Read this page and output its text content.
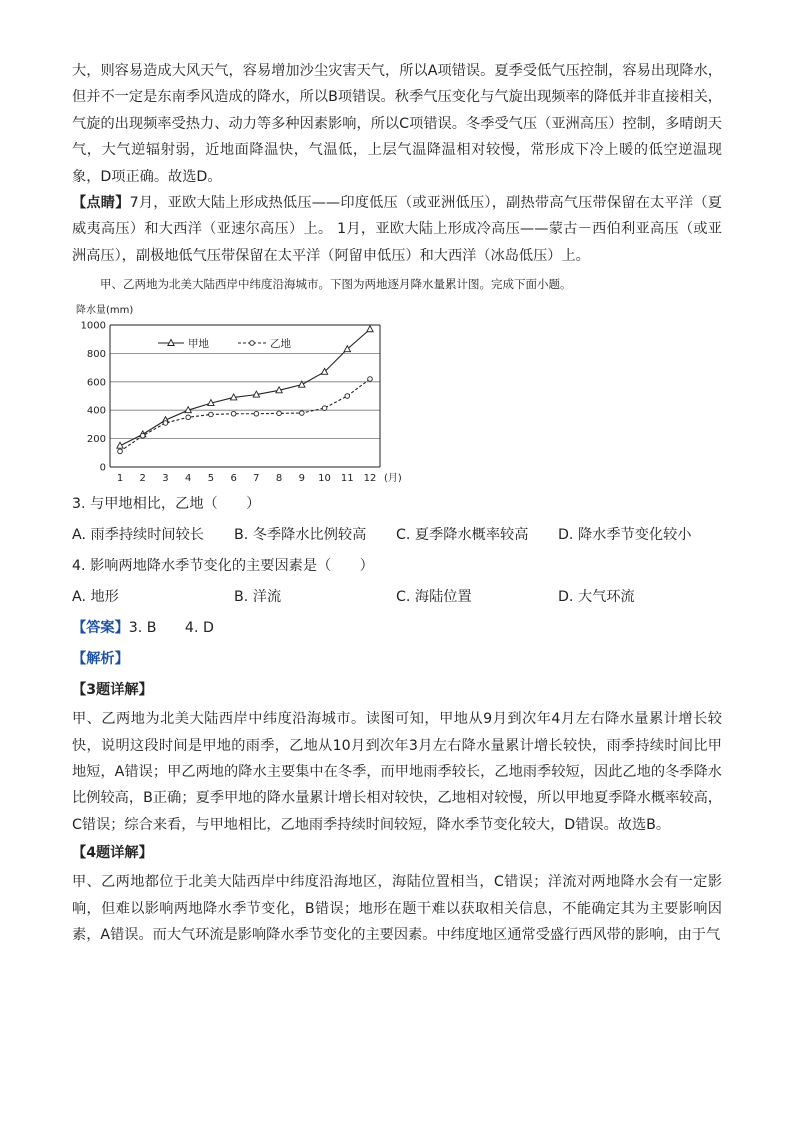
大，则容易造成大风天气，容易增加沙尘灾害天气，所以A项错误。夏季受低气压控制，容易出现降水，但并不一定是东南季风造成的降水，所以B项错误。秋季气压变化与气旋出现频率的降低并非直接相关，气旋的出现频率受热力、动力等多种因素影响，所以C项错误。冬季受气压（亚洲高压）控制，多晴朗天气，大气逆辐射弱，近地面降温快，气温低，上层气温降温相对较慢，常形成下冷上暖的低空逆温现象，D项正确。故选D。

【点睛】7月，亚欧大陆上形成热低压——印度低压（或亚洲低压），副热带高气压带保留在太平洋（夏威夷高压）和大西洋（亚速尔高压）上。 1月，亚欧大陆上形成冷高压——蒙古－西伯利亚高压（或亚洲高压），副极地低气压带保留在太平洋（阿留申低压）和大西洋（冰岛低压）上。

甲、乙两地为北美大陆西岸中纬度沿海城市。下图为两地逐月降水量累计图。完成下面小题。
降水量(mm)
0
200
400
600
800
1000
1 2 3 4 5 6 7 8 9 10 11 12 (月)
甲地	乙地
3. 与甲地相比，乙地（　　）
A. 雨季持续时间较长	B. 冬季降水比例较高	C. 夏季降水概率较高	D. 降水季节变化较小
4. 影响两地降水季节变化的主要因素是（　　）
A. 地形	B. 洋流	C. 海陆位置	D. 大气环流
【答案】3. B　　4. D
【解析】
【3题详解】

甲、乙两地为北美大陆西岸中纬度沿海城市。读图可知，甲地从9月到次年4月左右降水量累计增长较快，说明这段时间是甲地的雨季，乙地从10月到次年3月左右降水量累计增长较快，雨季持续时间比甲地短，A错误；甲乙两地的降水主要集中在冬季，而甲地雨季较长，乙地雨季较短，因此乙地的冬季降水比例较高，B正确；夏季甲地的降水量累计增长相对较快，乙地相对较慢，所以甲地夏季降水概率较高，C错误；综合来看，与甲地相比，乙地雨季持续时间较短，降水季节变化较大，D错误。故选B。

【4题详解】

甲、乙两地都位于北美大陆西岸中纬度沿海地区，海陆位置相当，C错误；洋流对两地降水会有一定影响，但难以影响两地降水季节变化，B错误；地形在题干难以获取相关信息，不能确定其为主要影响因素，A错误。而大气环流是影响降水季节变化的主要因素。中纬度地区通常受盛行西风带的影响，由于气
